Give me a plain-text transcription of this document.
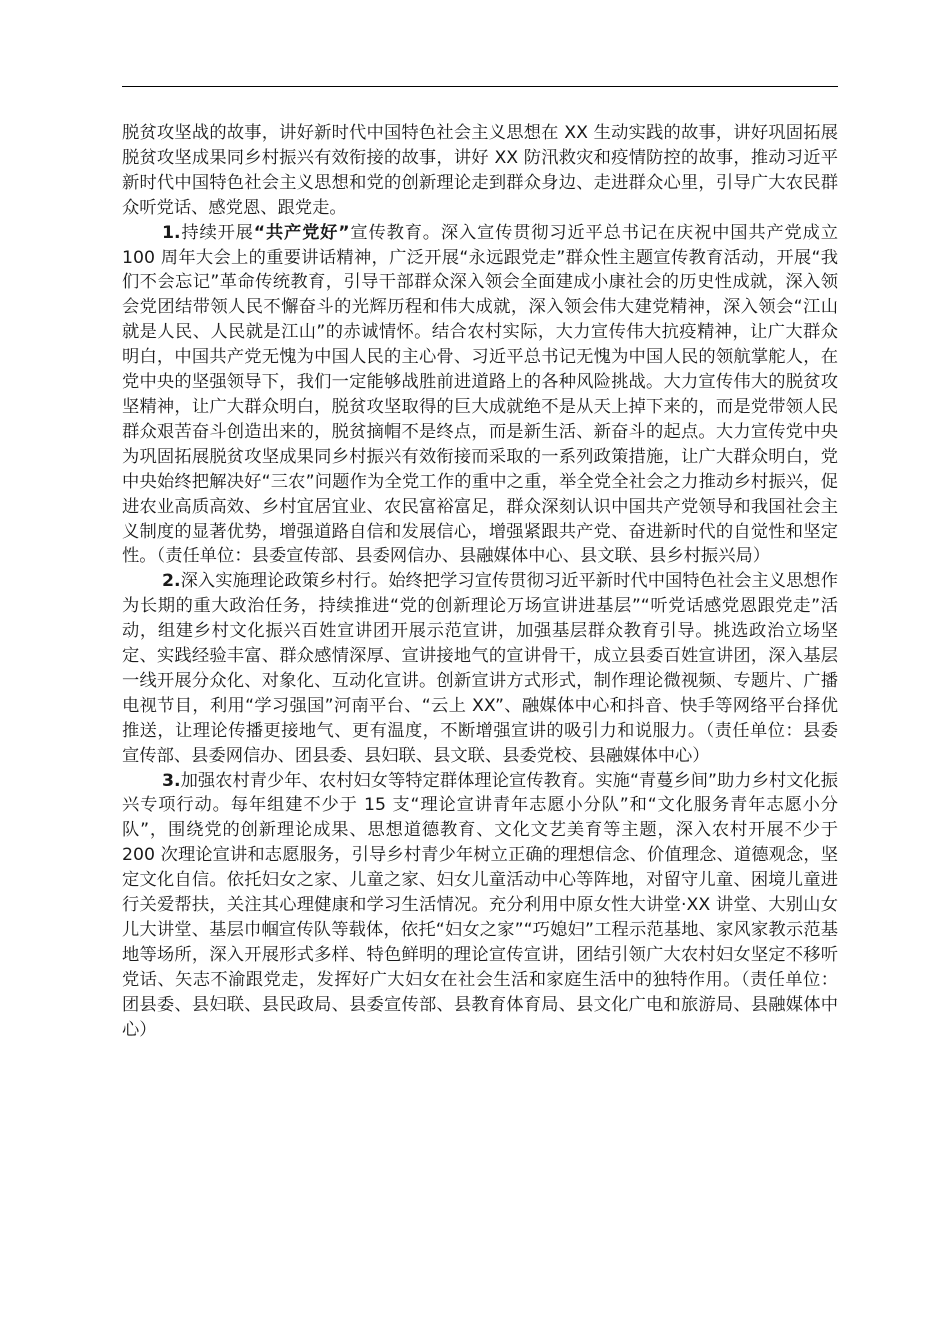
脱贫攻坚战的故事，讲好新时代中国特色社会主义思想在 XX 生动实践的故事，讲好巩固拓展脱贫攻坚成果同乡村振兴有效衔接的故事，讲好 XX 防汛救灾和疫情防控的故事，推动习近平新时代中国特色社会主义思想和党的创新理论走到群众身边、走进群众心里，引导广大农民群众听党话、感党恩、跟党走。

1.持续开展“共产党好”宣传教育。深入宣传贯彻习近平总书记在庆祝中国共产党成立 100 周年大会上的重要讲话精神，广泛开展“永远跟党走”群众性主题宣传教育活动，开展“我们不会忘记”革命传统教育，引导干部群众深入领会全面建成小康社会的历史性成就，深入领会党团结带领人民不懈奋斗的光辉历程和伟大成就，深入领会伟大建党精神，深入领会“江山就是人民、人民就是江山”的赤诚情怀。结合农村实际，大力宣传伟大抗疫精神，让广大群众明白，中国共产党无愧为中国人民的主心骨、习近平总书记无愧为中国人民的领航掌舵人，在党中央的坚强领导下，我们一定能够战胜前进道路上的各种风险挑战。大力宣传伟大的脱贫攻坚精神，让广大群众明白，脱贫攻坚取得的巨大成就绝不是从天上掉下来的，而是党带领人民群众艰苦奋斗创造出来的，脱贫摘帽不是终点，而是新生活、新奋斗的起点。大力宣传党中央为巩固拓展脱贫攻坚成果同乡村振兴有效衔接而采取的一系列政策措施，让广大群众明白，党中央始终把解决好“三农”问题作为全党工作的重中之重，举全党全社会之力推动乡村振兴，促进农业高质高效、乡村宜居宜业、农民富裕富足，群众深刻认识中国共产党领导和我国社会主义制度的显著优势，增强道路自信和发展信心，增强紧跟共产党、奋进新时代的自觉性和坚定性。（责任单位：县委宣传部、县委网信办、县融媒体中心、县文联、县乡村振兴局）

2.深入实施理论政策乡村行。始终把学习宣传贯彻习近平新时代中国特色社会主义思想作为长期的重大政治任务，持续推进“党的创新理论万场宣讲进基层”“听党话感党恩跟党走”活动，组建乡村文化振兴百姓宣讲团开展示范宣讲，加强基层群众教育引导。挑选政治立场坚定、实践经验丰富、群众感情深厚、宣讲接地气的宣讲骨干，成立县委百姓宣讲团，深入基层一线开展分众化、对象化、互动化宣讲。创新宣讲方式形式，制作理论微视频、专题片、广播电视节目，利用“学习强国”河南平台、“云上 XX”、融媒体中心和抖音、快手等网络平台择优推送，让理论传播更接地气、更有温度，不断增强宣讲的吸引力和说服力。（责任单位：县委宣传部、县委网信办、团县委、县妇联、县文联、县委党校、县融媒体中心）

3.加强农村青少年、农村妇女等特定群体理论宣传教育。实施“青蔓乡间”助力乡村文化振兴专项行动。每年组建不少于 15 支“理论宣讲青年志愿小分队”和“文化服务青年志愿小分队”，围绕党的创新理论成果、思想道德教育、文化文艺美育等主题，深入农村开展不少于 200 次理论宣讲和志愿服务，引导乡村青少年树立正确的理想信念、价值理念、道德观念，坚定文化自信。依托妇女之家、儿童之家、妇女儿童活动中心等阵地，对留守儿童、困境儿童进行关爱帮扶，关注其心理健康和学习生活情况。充分利用中原女性大讲堂·XX 讲堂、大别山女儿大讲堂、基层巾帼宣传队等载体，依托“妇女之家”“巧媳妇”工程示范基地、家风家教示范基地等场所，深入开展形式多样、特色鲜明的理论宣传宣讲，团结引领广大农村妇女坚定不移听党话、矢志不渝跟党走，发挥好广大妇女在社会生活和家庭生活中的独特作用。（责任单位：团县委、县妇联、县民政局、县委宣传部、县教育体育局、县文化广电和旅游局、县融媒体中心）
